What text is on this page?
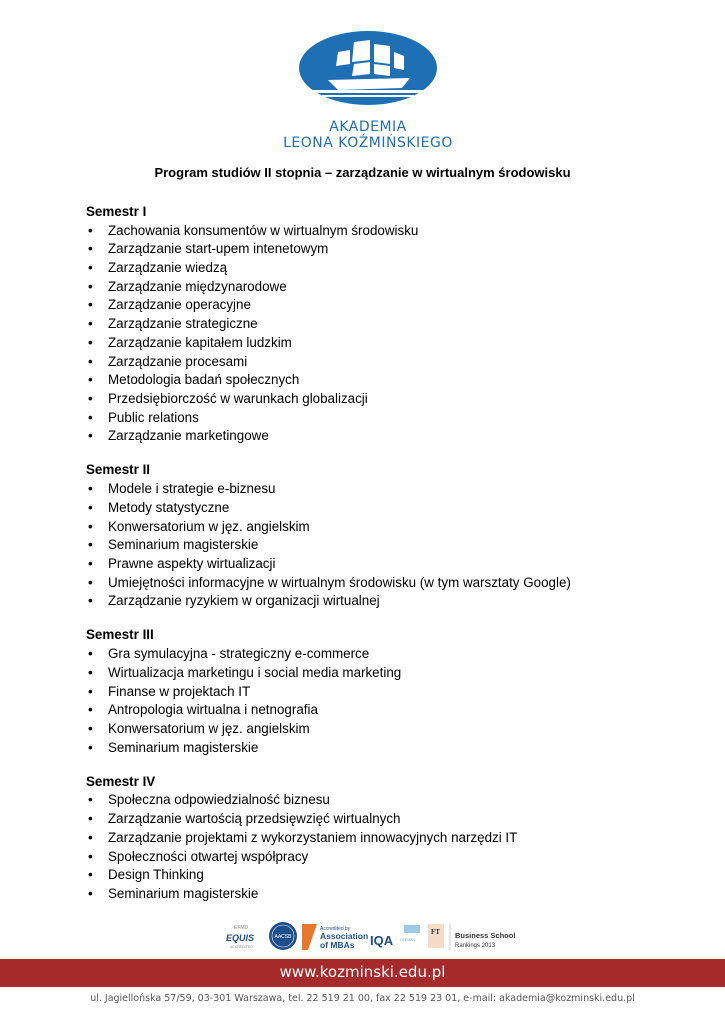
AKADEMIA
LEONA KOŹMIŃSKIEGO
Program studiów II stopnia – zarządzanie w wirtualnym środowisku
Semestr I
• Zachowania konsumentów w wirtualnym środowisku
• Zarządzanie start-upem intenetowym
• Zarządzanie wiedzą
• Zarządzanie międzynarodowe
• Zarządzanie operacyjne
• Zarządzanie strategiczne
• Zarządzanie kapitałem ludzkim
• Zarządzanie procesami
• Metodologia badań społecznych
• Przedsiębiorczość w warunkach globalizacji
• Public relations
• Zarządzanie marketingowe
Semestr II
• Modele i strategie e-biznesu
• Metody statystyczne
• Konwersatorium w jęz. angielskim
• Seminarium magisterskie
• Prawne aspekty wirtualizacji
• Umiejętności informacyjne w wirtualnym środowisku (w tym warsztaty Google)
• Zarządzanie ryzykiem w organizacji wirtualnej
Semestr III
• Gra symulacyjna - strategiczny e-commerce
• Wirtualizacja marketingu i social media marketing
• Finanse w projektach IT
• Antropologia wirtualna i netnografia
• Konwersatorium w jęz. angielskim
• Seminarium magisterskie
Semestr IV
• Społeczna odpowiedzialność biznesu
• Zarządzanie wartością przedsięwzięć wirtualnych
• Zarządzanie projektami z wykorzystaniem innowacyjnych narzędzi IT
• Społeczności otwartej współpracy
• Design Thinking
• Seminarium magisterskie
EFMD
EQUIS
ACCREDITED
AACSB
Accredited by
Association
of MBAs IQA CEEMAN
FT Business School
Rankings 2013
www.kozminski.edu.pl
ul. Jagiellońska 57/59, 03-301 Warszawa, tel. 22 519 21 00, fax 22 519 23 01, e-mail: akademia@kozminski.edu.pl
